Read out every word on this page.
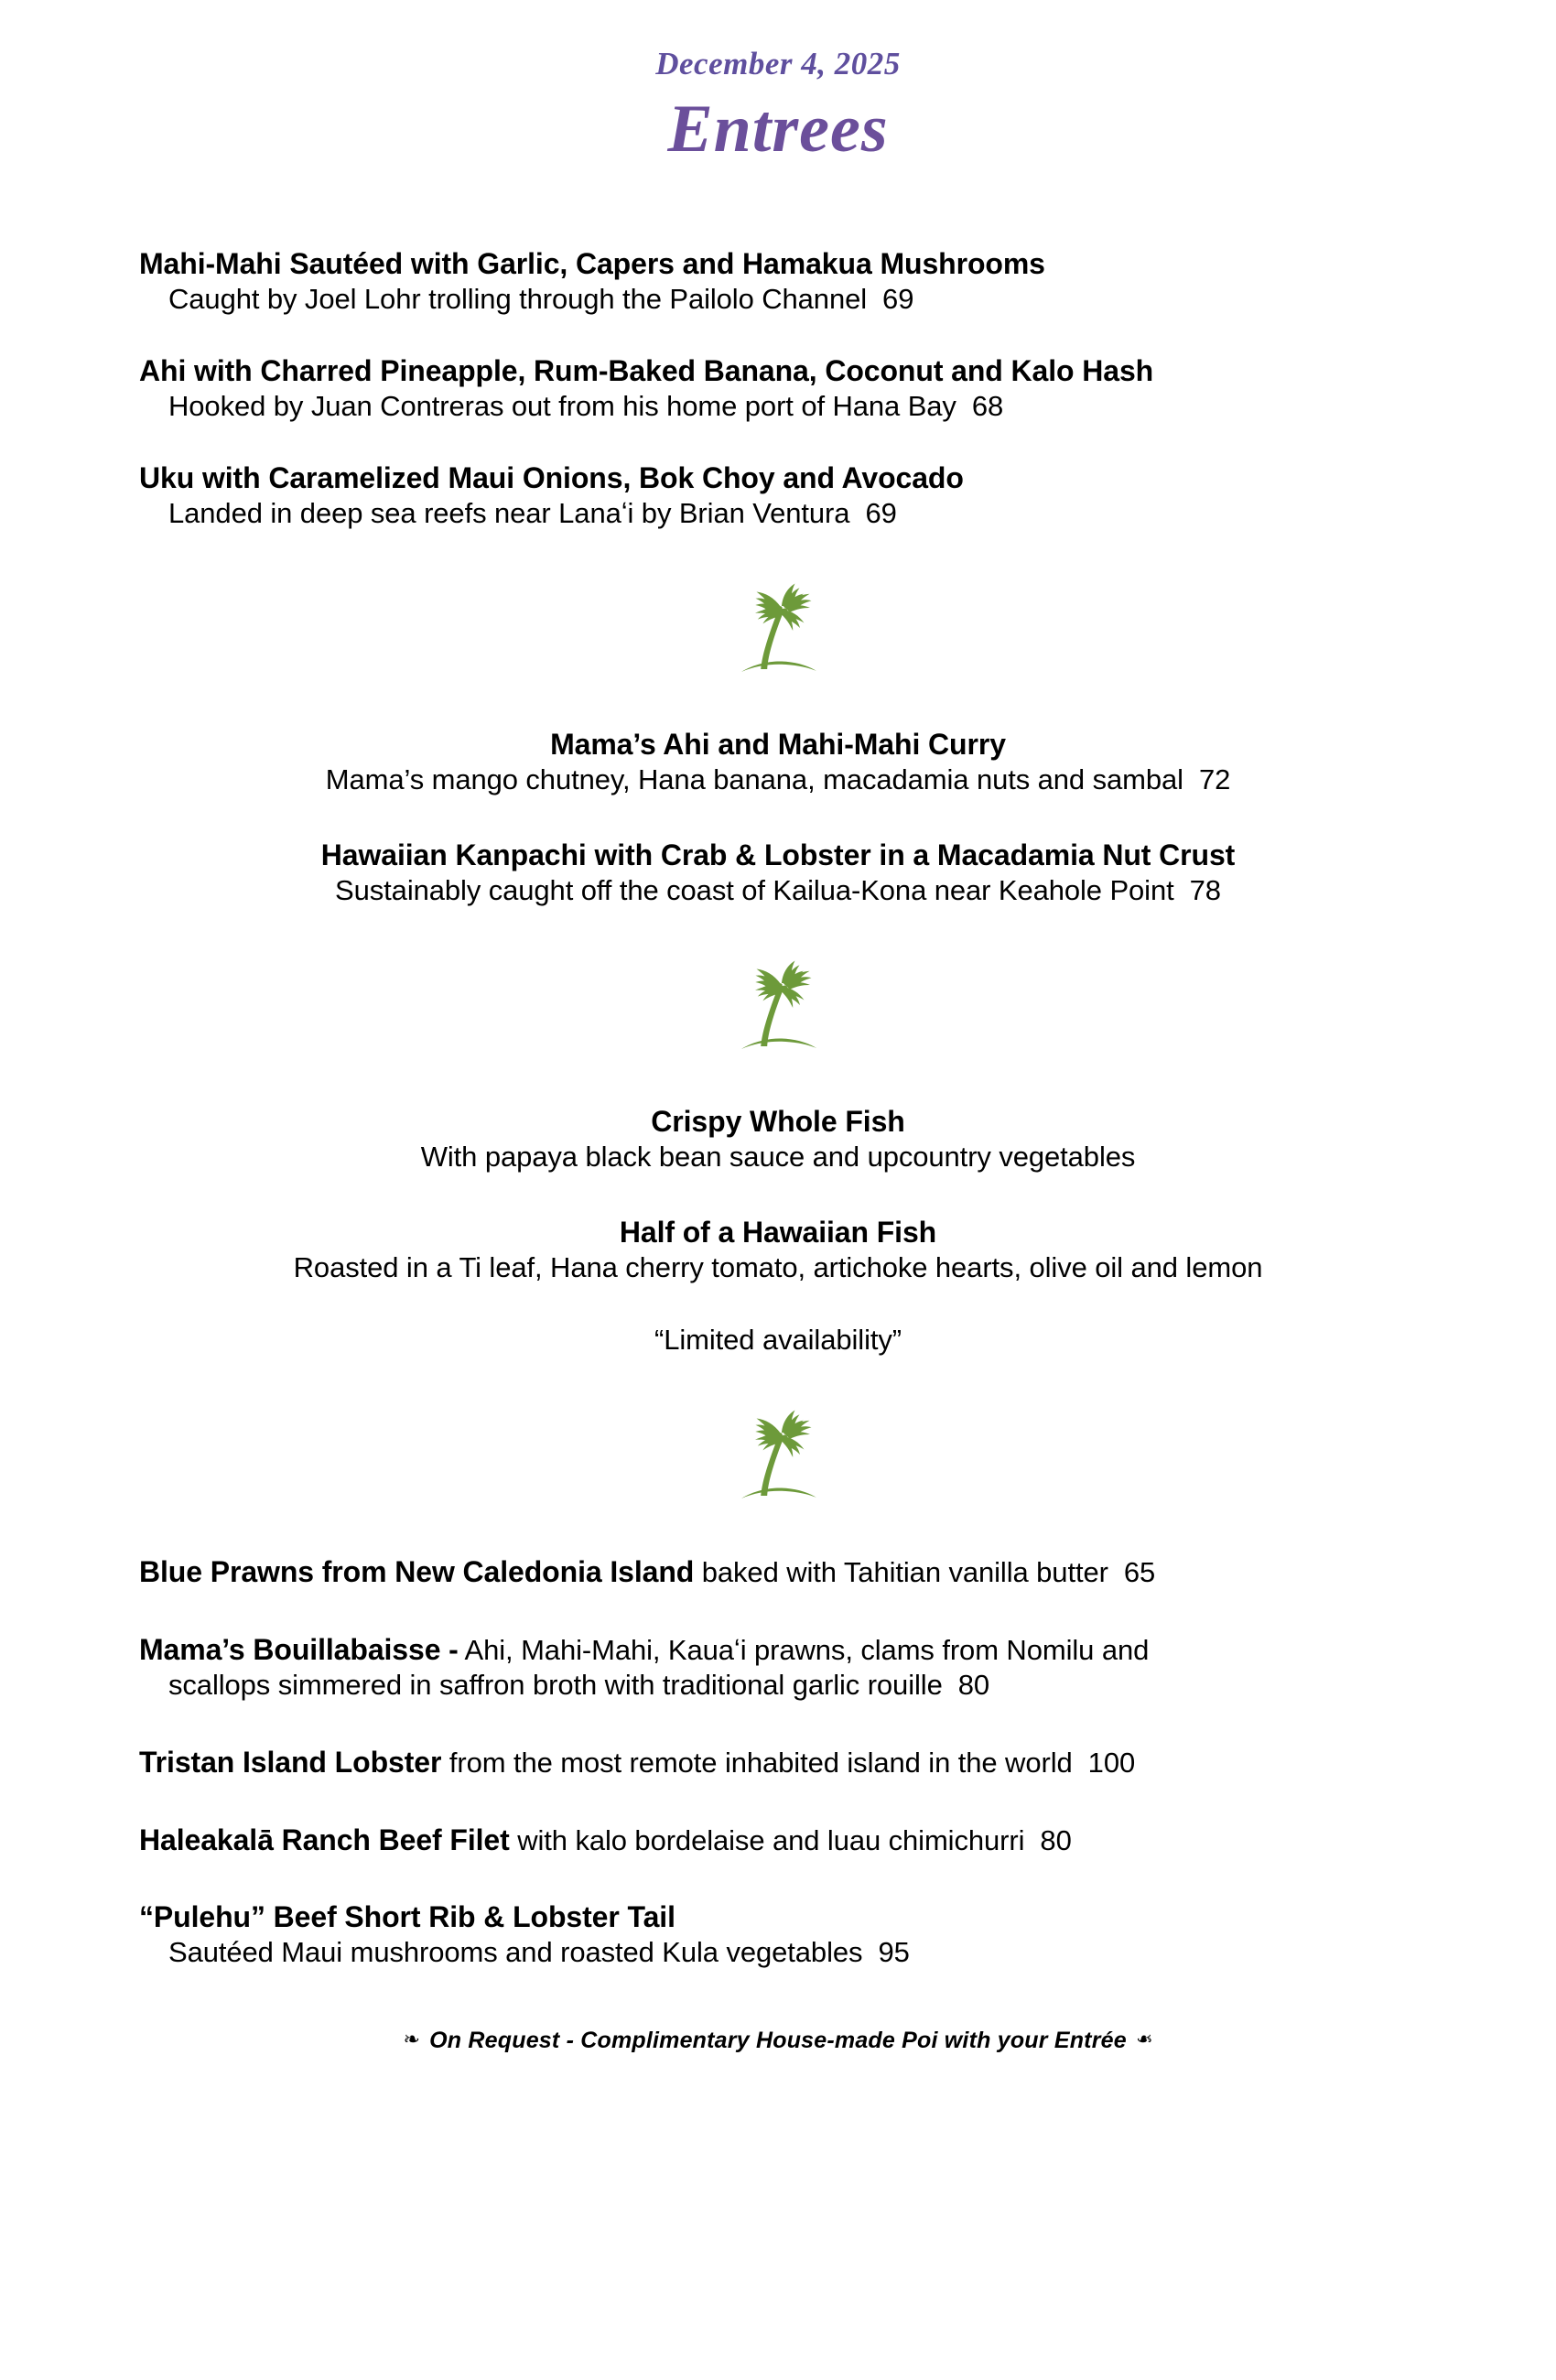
December 4, 2025
Entrees
Mahi-Mahi Sautéed with Garlic, Capers and Hamakua Mushrooms
Caught by Joel Lohr trolling through the Pailolo Channel 69
Ahi with Charred Pineapple, Rum-Baked Banana, Coconut and Kalo Hash
Hooked by Juan Contreras out from his home port of Hana Bay 68
Uku with Caramelized Maui Onions, Bok Choy and Avocado
Landed in deep sea reefs near Lanaʻi by Brian Ventura 69
Mama’s Ahi and Mahi-Mahi Curry
Mama’s mango chutney, Hana banana, macadamia nuts and sambal 72
Hawaiian Kanpachi with Crab & Lobster in a Macadamia Nut Crust
Sustainably caught off the coast of Kailua-Kona near Keahole Point 78
Crispy Whole Fish
With papaya black bean sauce and upcountry vegetables
Half of a Hawaiian Fish
Roasted in a Ti leaf, Hana cherry tomato, artichoke hearts, olive oil and lemon
“Limited availability”
Blue Prawns from New Caledonia Island baked with Tahitian vanilla butter 65
Mama’s Bouillabaisse - Ahi, Mahi-Mahi, Kauaʻi prawns, clams from Nomilu and
scallops simmered in saffron broth with traditional garlic rouille 80
Tristan Island Lobster from the most remote inhabited island in the world 100
Haleakalā Ranch Beef Filet with kalo bordelaise and luau chimichurri 80
“Pulehu” Beef Short Rib & Lobster Tail
Sautéed Maui mushrooms and roasted Kula vegetables 95
❧ On Request - Complimentary House-made Poi with your Entrée ❧
